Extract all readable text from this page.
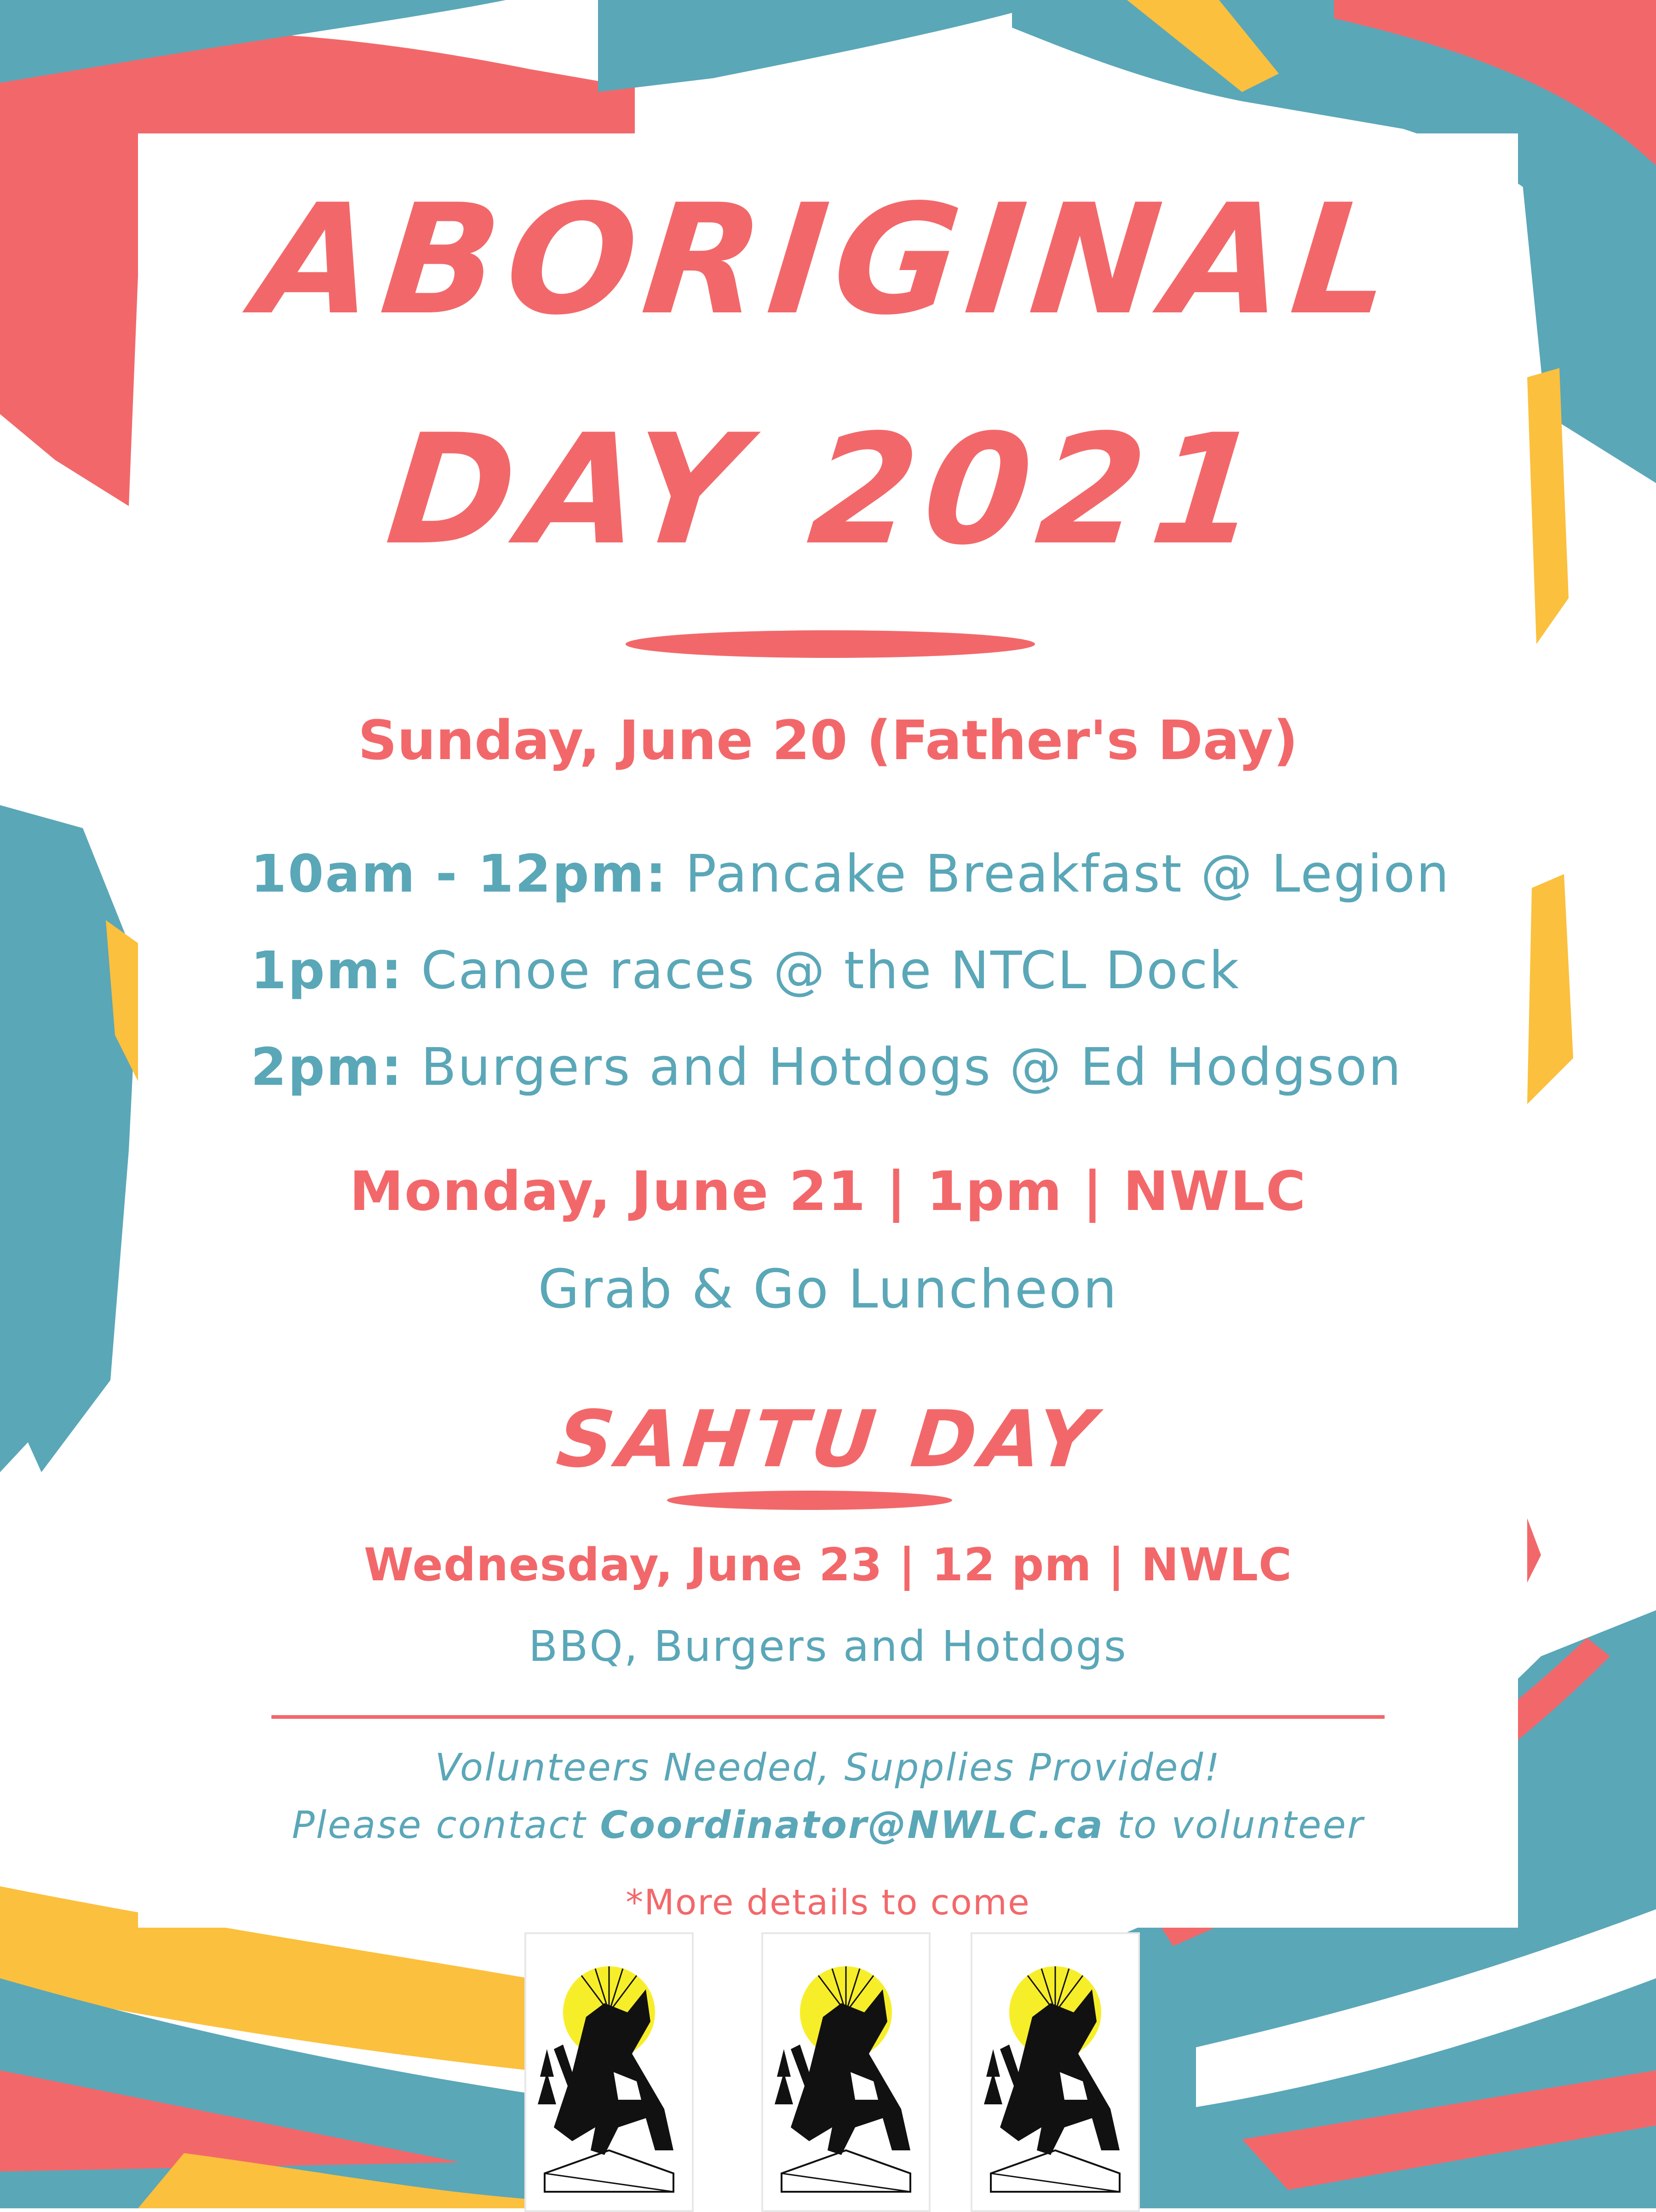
ABORIGINAL
DAY 2021
Sunday, June 20 (Father's Day)
10am - 12pm: Pancake Breakfast @ Legion
1pm: Canoe races @ the NTCL Dock
2pm: Burgers and Hotdogs @ Ed Hodgson
Monday, June 21 | 1pm | NWLC
Grab & Go Luncheon
SAHTU DAY
Wednesday, June 23 | 12 pm | NWLC
BBQ, Burgers and Hotdogs
Volunteers Needed, Supplies Provided!
Please contact Coordinator@NWLC.ca to volunteer
*More details to come
